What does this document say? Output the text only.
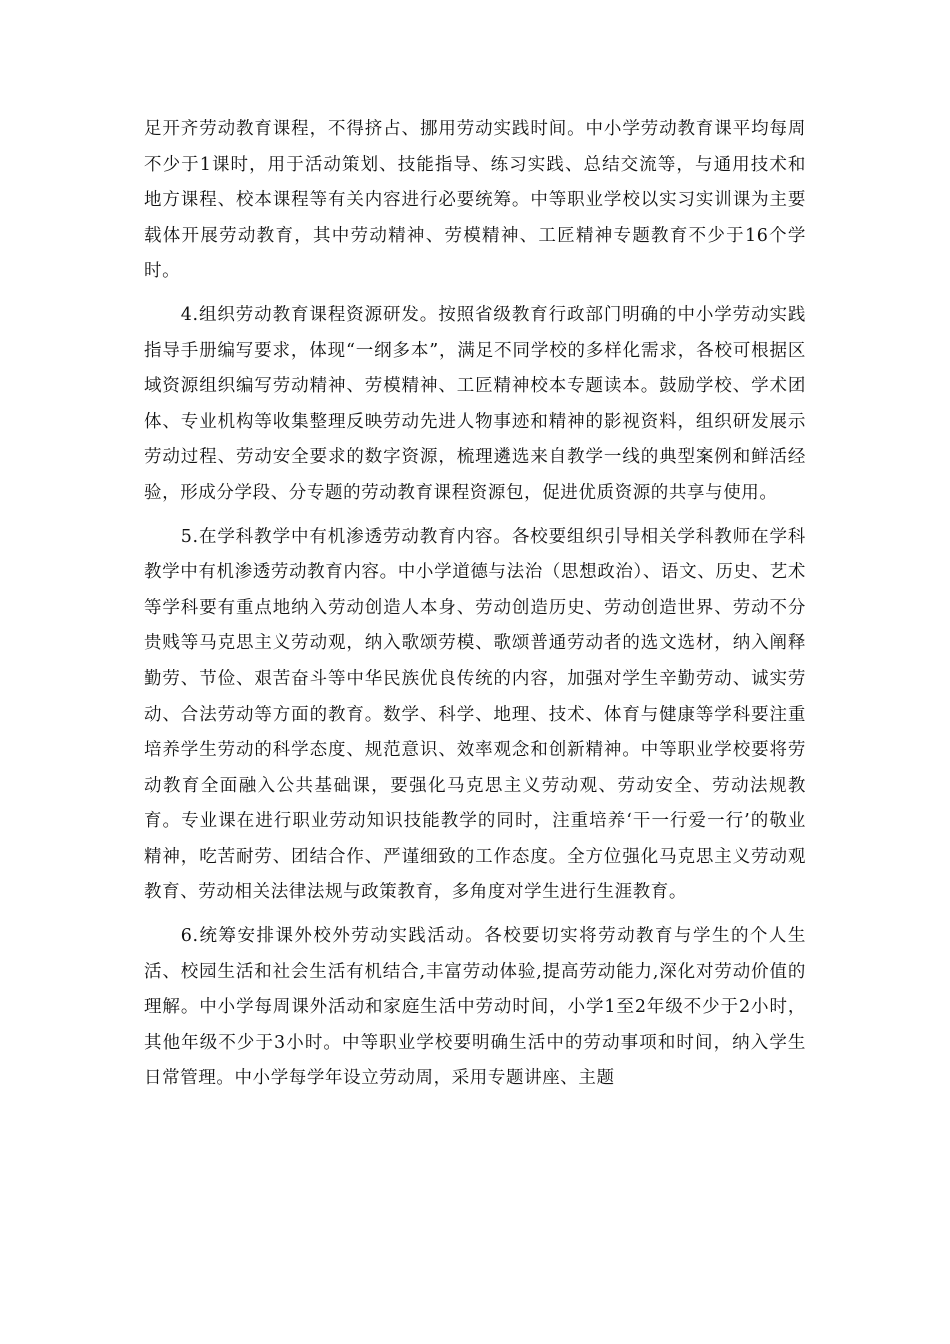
足开齐劳动教育课程，不得挤占、挪用劳动实践时间。中小学劳动教育课平均每周不少于1课时，用于活动策划、技能指导、练习实践、总结交流等，与通用技术和地方课程、校本课程等有关内容进行必要统筹。中等职业学校以实习实训课为主要载体开展劳动教育，其中劳动精神、劳模精神、工匠精神专题教育不少于16个学时。

4.组织劳动教育课程资源研发。按照省级教育行政部门明确的中小学劳动实践指导手册编写要求，体现“一纲多本”，满足不同学校的多样化需求，各校可根据区域资源组织编写劳动精神、劳模精神、工匠精神校本专题读本。鼓励学校、学术团体、专业机构等收集整理反映劳动先进人物事迹和精神的影视资料，组织研发展示劳动过程、劳动安全要求的数字资源，梳理遴选来自教学一线的典型案例和鲜活经验，形成分学段、分专题的劳动教育课程资源包，促进优质资源的共享与使用。

5.在学科教学中有机渗透劳动教育内容。各校要组织引导相关学科教师在学科教学中有机渗透劳动教育内容。中小学道德与法治（思想政治）、语文、历史、艺术等学科要有重点地纳入劳动创造人本身、劳动创造历史、劳动创造世界、劳动不分贵贱等马克思主义劳动观，纳入歌颂劳模、歌颂普通劳动者的选文选材，纳入阐释勤劳、节俭、艰苦奋斗等中华民族优良传统的内容，加强对学生辛勤劳动、诚实劳动、合法劳动等方面的教育。数学、科学、地理、技术、体育与健康等学科要注重培养学生劳动的科学态度、规范意识、效率观念和创新精神。中等职业学校要将劳动教育全面融入公共基础课，要强化马克思主义劳动观、劳动安全、劳动法规教育。专业课在进行职业劳动知识技能教学的同时，注重培养‘干一行爱一行’的敬业精神，吃苦耐劳、团结合作、严谨细致的工作态度。全方位强化马克思主义劳动观教育、劳动相关法律法规与政策教育，多角度对学生进行生涯教育。

6.统筹安排课外校外劳动实践活动。各校要切实将劳动教育与学生的个人生活、校园生活和社会生活有机结合,丰富劳动体验,提高劳动能力,深化对劳动价值的理解。中小学每周课外活动和家庭生活中劳动时间，小学1至2年级不少于2小时，其他年级不少于3小时。中等职业学校要明确生活中的劳动事项和时间，纳入学生日常管理。中小学每学年设立劳动周，采用专题讲座、主题
